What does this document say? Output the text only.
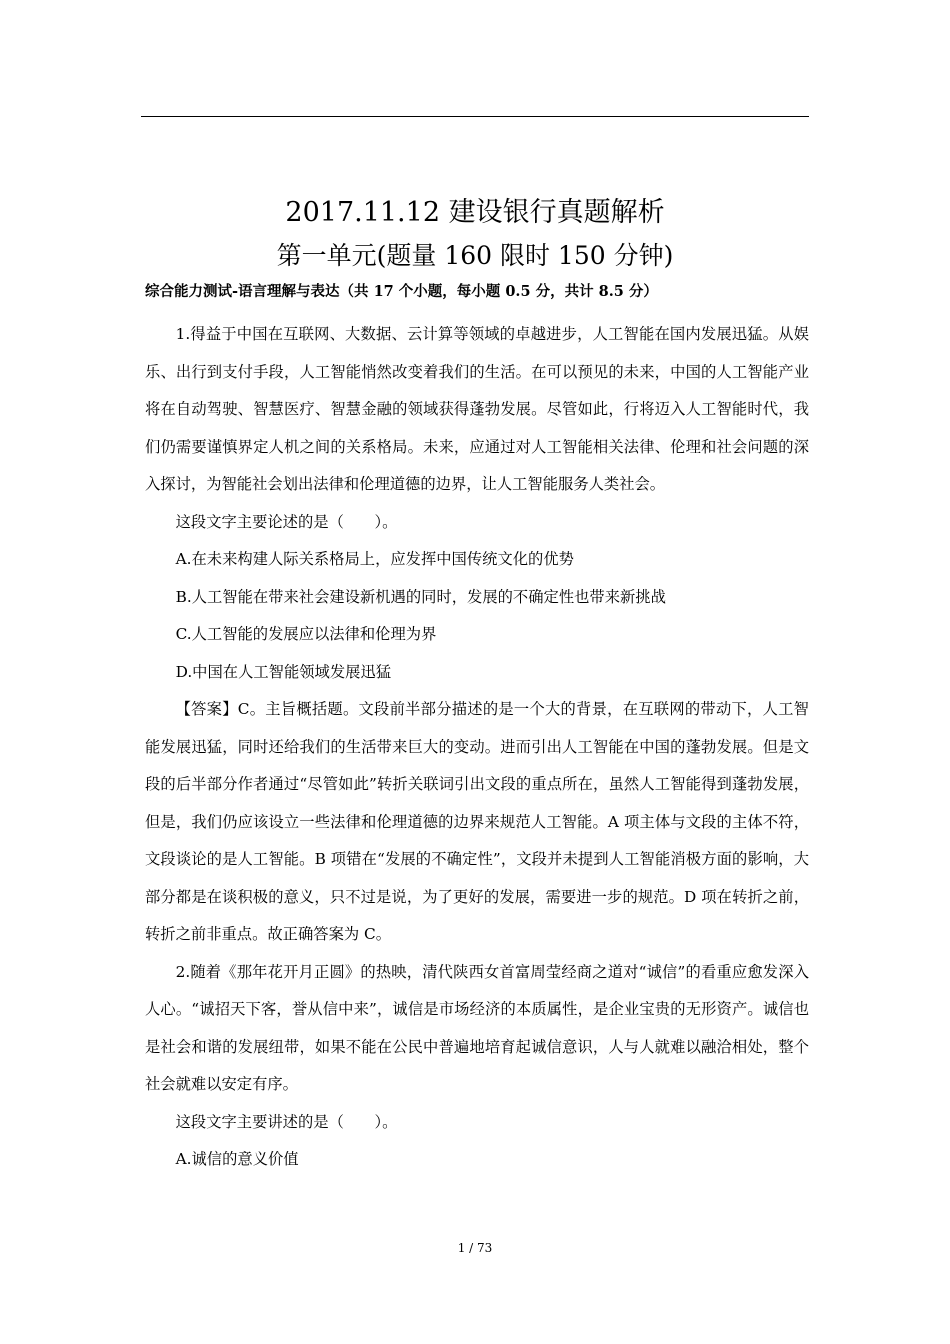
2017.11.12 建设银行真题解析
第一单元(题量 160 限时 150 分钟)
综合能力测试-语言理解与表达（共 17 个小题，每小题 0.5 分，共计 8.5 分）

1.得益于中国在互联网、大数据、云计算等领域的卓越进步，人工智能在国内发展迅猛。从娱乐、出行到支付手段，人工智能悄然改变着我们的生活。在可以预见的未来，中国的人工智能产业将在自动驾驶、智慧医疗、智慧金融的领域获得蓬勃发展。尽管如此，行将迈入人工智能时代，我们仍需要谨慎界定人机之间的关系格局。未来，应通过对人工智能相关法律、伦理和社会问题的深入探讨，为智能社会划出法律和伦理道德的边界，让人工智能服务人类社会。

这段文字主要论述的是（　　）。

A.在未来构建人际关系格局上，应发挥中国传统文化的优势

B.人工智能在带来社会建设新机遇的同时，发展的不确定性也带来新挑战

C.人工智能的发展应以法律和伦理为界

D.中国在人工智能领域发展迅猛

【答案】C。主旨概括题。文段前半部分描述的是一个大的背景，在互联网的带动下，人工智能发展迅猛，同时还给我们的生活带来巨大的变动。进而引出人工智能在中国的蓬勃发展。但是文段的后半部分作者通过“尽管如此”转折关联词引出文段的重点所在，虽然人工智能得到蓬勃发展，但是，我们仍应该设立一些法律和伦理道德的边界来规范人工智能。A 项主体与文段的主体不符，文段谈论的是人工智能。B 项错在“发展的不确定性”，文段并未提到人工智能消极方面的影响，大部分都是在谈积极的意义，只不过是说，为了更好的发展，需要进一步的规范。D 项在转折之前，转折之前非重点。故正确答案为 C。

2.随着《那年花开月正圆》的热映，清代陕西女首富周莹经商之道对“诚信”的看重应愈发深入人心。“诚招天下客，誉从信中来”，诚信是市场经济的本质属性，是企业宝贵的无形资产。诚信也是社会和谐的发展纽带，如果不能在公民中普遍地培育起诚信意识，人与人就难以融洽相处，整个社会就难以安定有序。

这段文字主要讲述的是（　　）。

A.诚信的意义价值

1 / 73
